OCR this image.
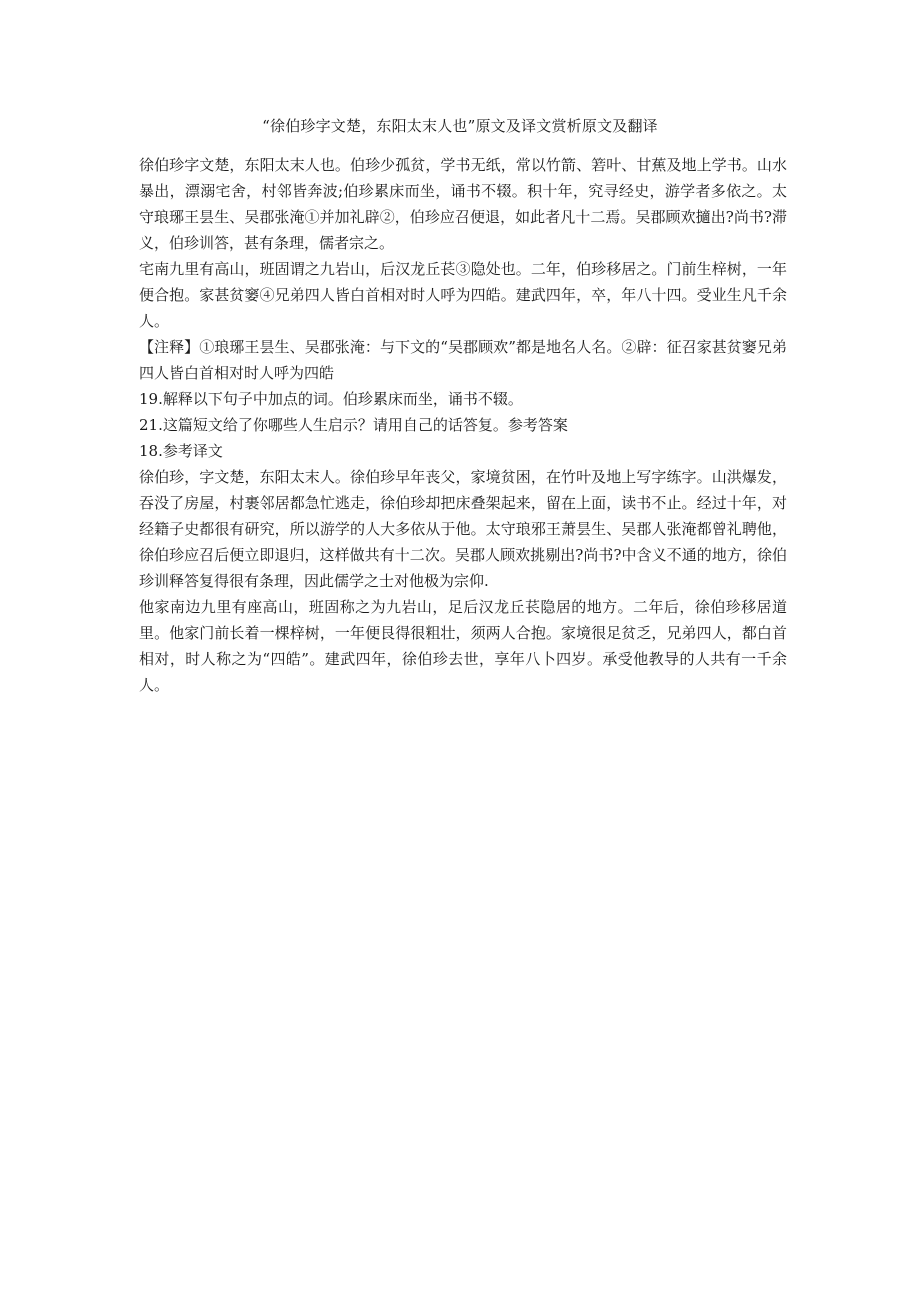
“徐伯珍字文楚，东阳太末人也”原文及译文赏析原文及翻译

徐伯珍字文楚，东阳太末人也。伯珍少孤贫，学书无纸，常以竹箭、箬叶、甘蕉及地上学书。山水暴出，漂溺宅舍，村邻皆奔波;伯珍累床而坐，诵书不辍。积十年，究寻经史，游学者多依之。太守琅琊王昙生、吴郡张淹①并加礼辟②，伯珍应召便退，如此者凡十二焉。吴郡顾欢擿出?尚书?滞义，伯珍训答，甚有条理，儒者宗之。

宅南九里有高山，班固谓之九岩山，后汉龙丘苌③隐处也。二年，伯珍移居之。门前生梓树，一年便合抱。家甚贫窭④兄弟四人皆白首相对时人呼为四皓。建武四年，卒，年八十四。受业生凡千余人。

【注释】①琅琊王昙生、吴郡张淹：与下文的“吴郡顾欢”都是地名人名。②辟：征召家甚贫窭兄弟四人皆白首相对时人呼为四皓

19.解释以下句子中加点的词。伯珍累床而坐，诵书不辍。

21.这篇短文给了你哪些人生启示？请用自己的话答复。参考答案

18.参考译文

徐伯珍，字文楚，东阳太末人。徐伯珍早年丧父，家境贫困，在竹叶及地上写字练字。山洪爆发，吞没了房屋，村裹邻居都急忙逃走，徐伯珍却把床叠架起来，留在上面，读书不止。经过十年，对经籍子史都很有研究，所以游学的人大多依从于他。太守琅邪王萧昙生、吴郡人张淹都曾礼聘他，徐伯珍应召后便立即退归，这样做共有十二次。吴郡人顾欢挑剔出?尚书?中含义不通的地方，徐伯珍训释答复得很有条理，因此儒学之士对他极为宗仰.

他家南边九里有座高山，班固称之为九岩山，足后汉龙丘苌隐居的地方。二年后，徐伯珍移居道里。他家门前长着一棵梓树，一年便艮得很粗壮，须两人合抱。家境很足贫乏，兄弟四人，都白首相对，时人称之为“四皓”。建武四年，徐伯珍去世，享年八卜四岁。承受他教导的人共有一千余人。
